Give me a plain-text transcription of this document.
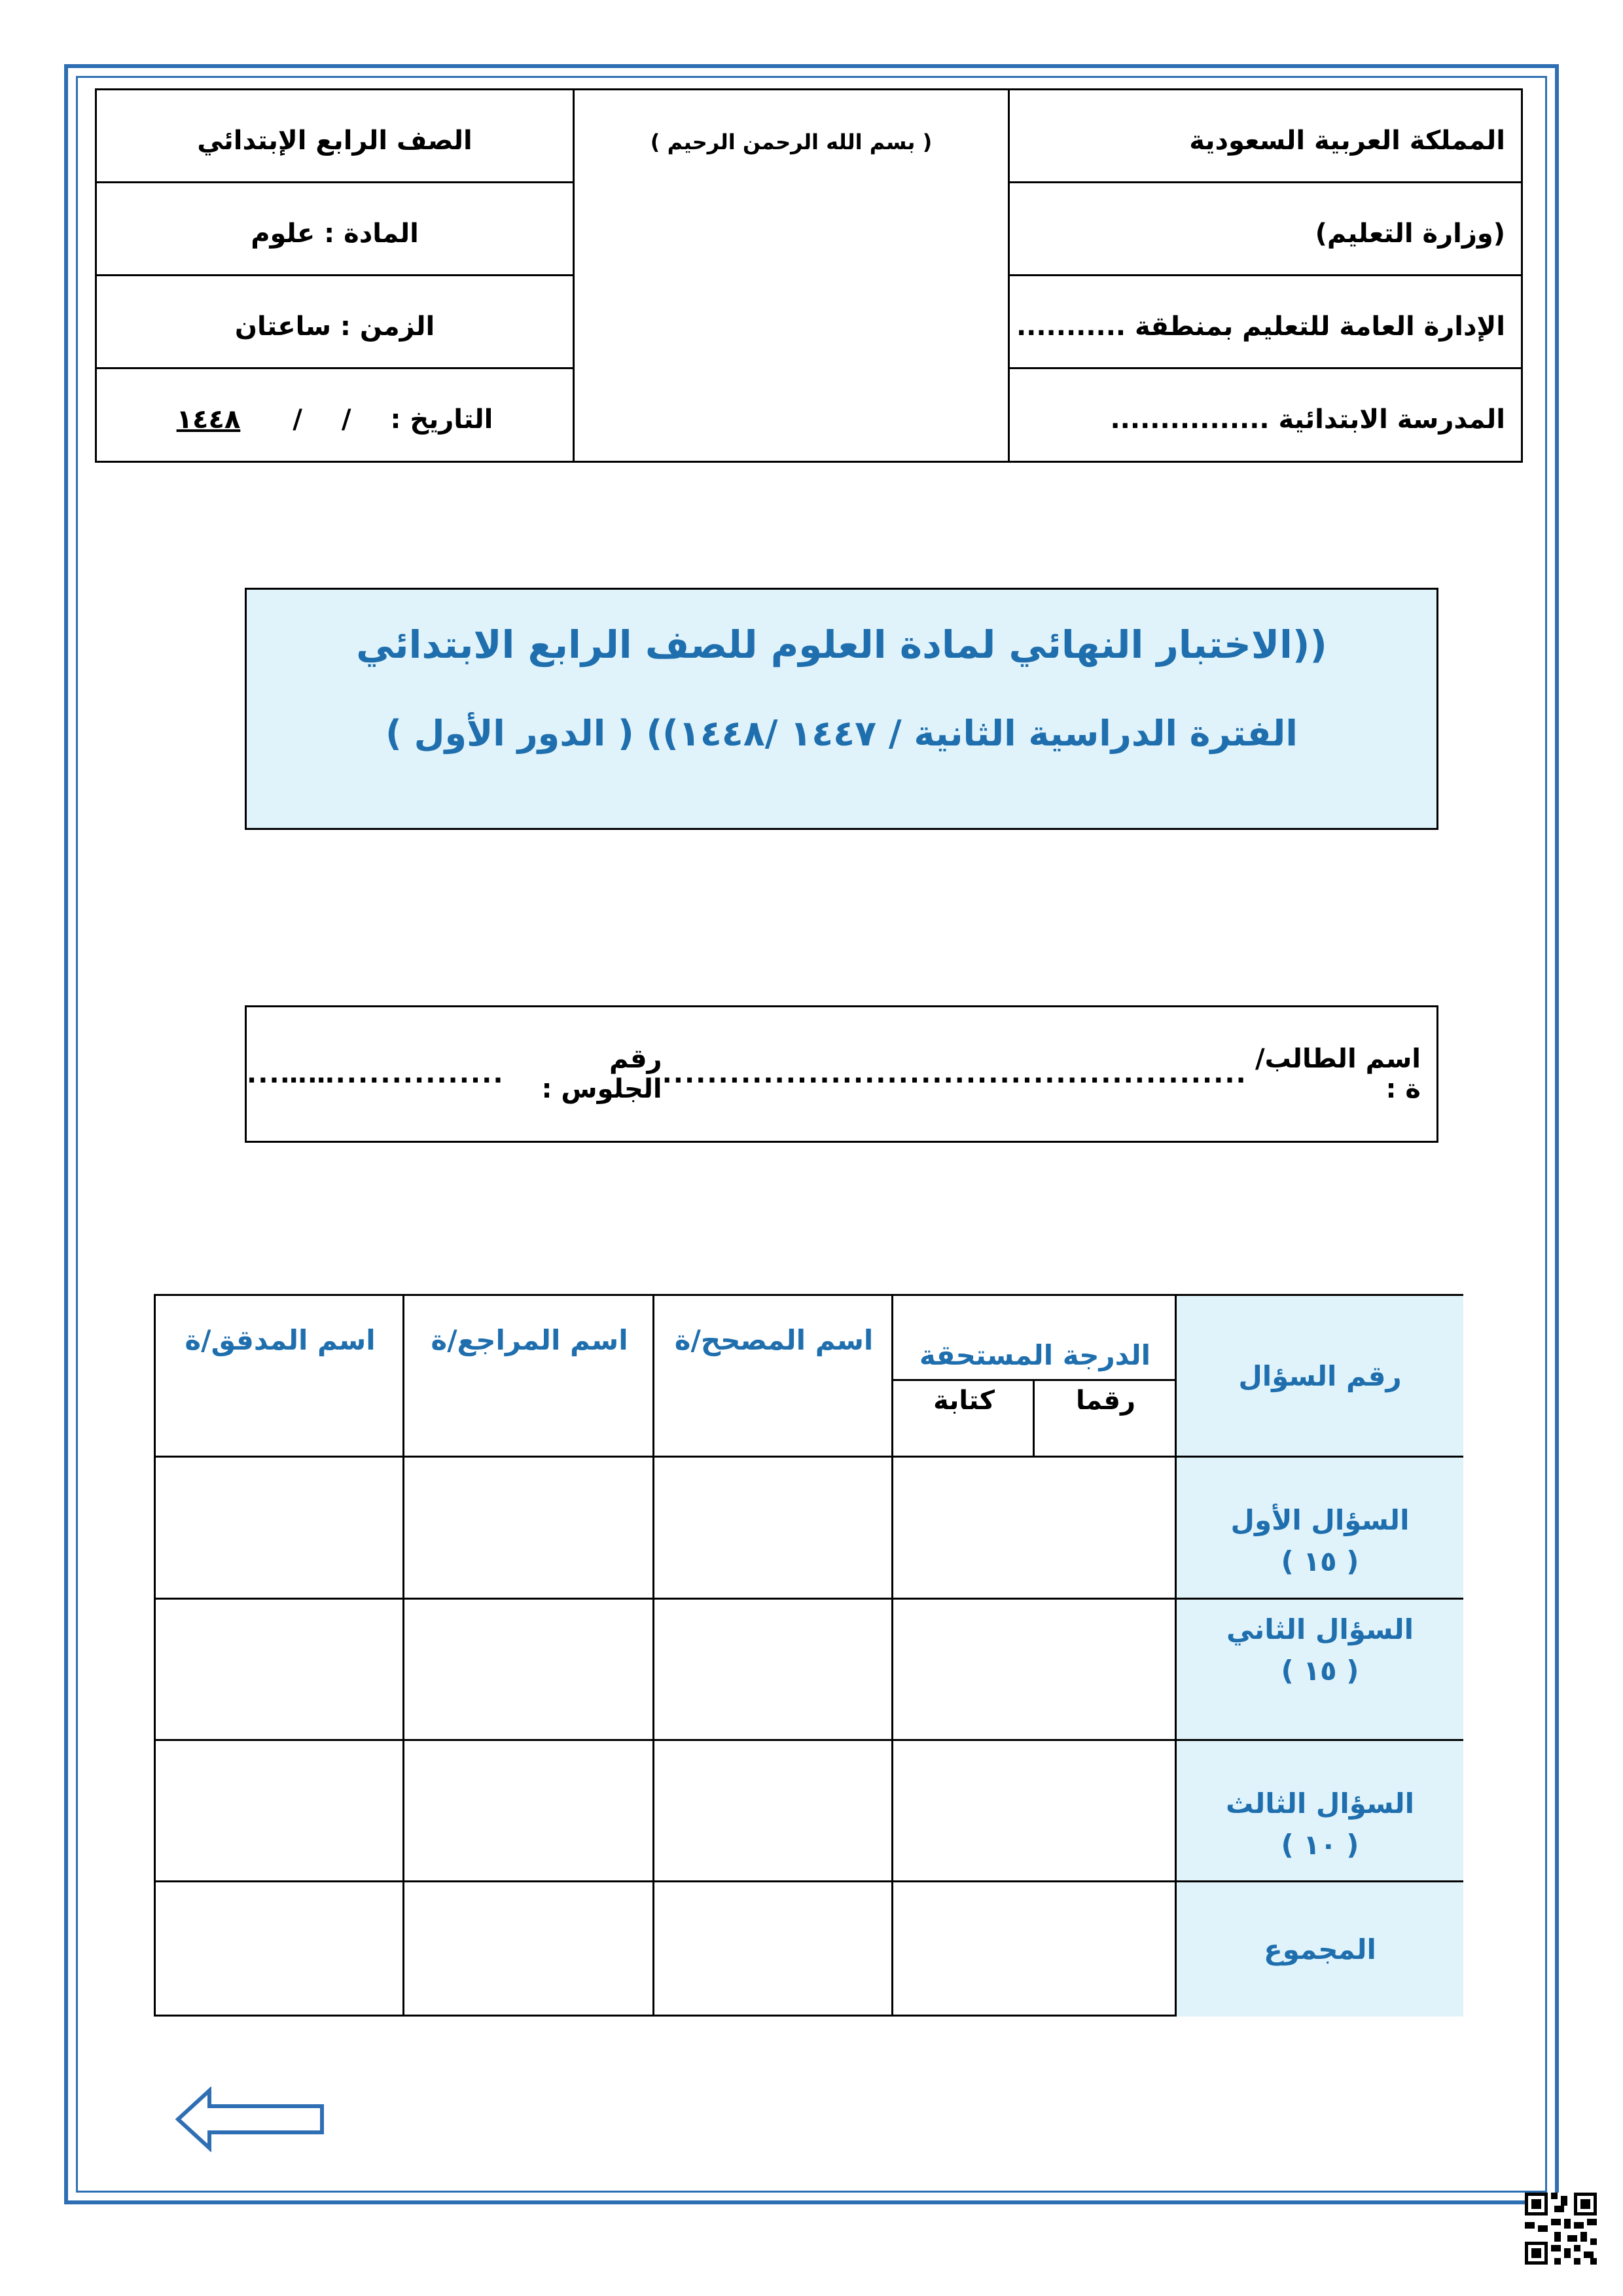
الصف الرابع الإبتدائي
المادة : علوم
الزمن : ساعتان
التاريخ :
/
/
١٤٤٨
( بسم الله الرحمن الرحيم )	المملكة العربية السعودية
(وزارة التعليم)
الإدارة العامة للتعليم بمنطقة ...........
المدرسة الابتدائية ................
((الاختبار النهائي لمادة العلوم للصف الرابع الابتدائي
الفترة الدراسية الثانية / ١٤٤٧ /١٤٤٨)) ( الدور الأول )
اسم الطالب/ة :
....................................................
رقم الجلوس :
...............……...
رقم السؤال
الدرجة المستحقة
رقما
كتابة
اسم المصحح/ة
اسم المراجع/ة
اسم المدقق/ة
السؤال الأول
( ١٥ )
السؤال الثاني
( ١٥ )
السؤال الثالث
( ١٠ )
المجموع
